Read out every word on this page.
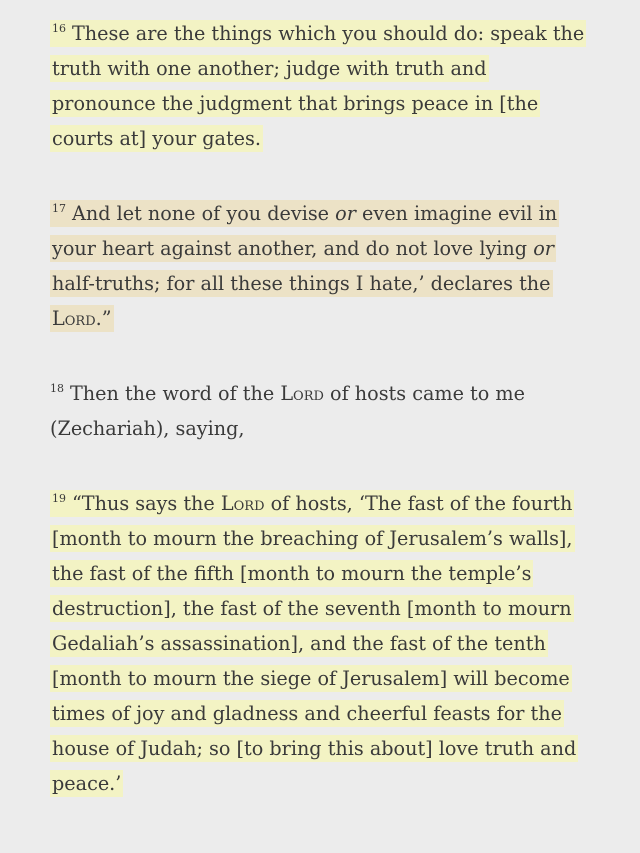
$^{16}$ These are the things which you should do: speak the
truth with one another; judge with truth and
pronounce the judgment that brings peace in [the
courts at] your gates.
$^{17}$ And let none of you devise or even imagine evil in
your heart against another, and do not love lying or
half-truths; for all these things I hate,’ declares the
Lord.”
$^{18}$ Then the word of the Lord of hosts came to me
(Zechariah), saying,
$^{19}$ “Thus says the Lord of hosts, ‘The fast of the fourth
[month to mourn the breaching of Jerusalem’s walls],
the fast of the fifth [month to mourn the temple’s
destruction], the fast of the seventh [month to mourn
Gedaliah’s assassination], and the fast of the tenth
[month to mourn the siege of Jerusalem] will become
times of joy and gladness and cheerful feasts for the
house of Judah; so [to bring this about] love truth and
peace.’
